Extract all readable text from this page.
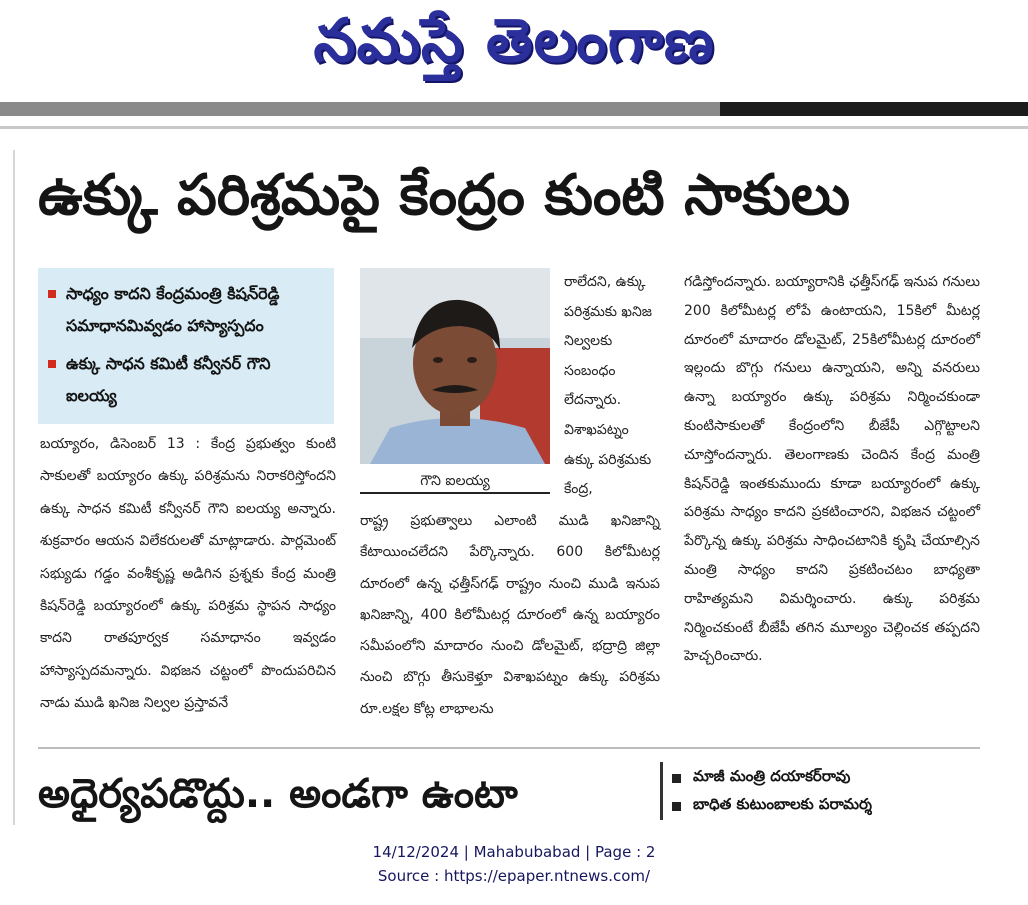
నమస్తే తెలంగాణ
ఉక్కు పరిశ్రమపై కేంద్రం కుంటి సాకులు
సాధ్యం కాదని కేంద్రమంత్రి కిషన్‌రెడ్డి సమాధానమివ్వడం హాస్యాస్పదం
ఉక్కు సాధన కమిటీ కన్వీనర్ గౌని ఐలయ్య
బయ్యారం, డిసెంబర్ 13 : కేంద్ర ప్రభుత్వం కుంటి సాకులతో బయ్యారం ఉక్కు పరిశ్రమను నిరాకరిస్తోందని ఉక్కు సాధన కమిటీ కన్వీనర్ గౌని ఐలయ్య అన్నారు. శుక్రవారం ఆయన విలేకరులతో మాట్లాడారు. పార్లమెంట్ సభ్యుడు గడ్డం వంశీకృష్ణ అడిగిన ప్రశ్నకు కేంద్ర మంత్రి కిషన్‌రెడ్డి బయ్యారంలో ఉక్కు పరిశ్రమ స్థాపన సాధ్యం కాదని రాతపూర్వక సమాధానం ఇవ్వడం హాస్యాస్పదమన్నారు. విభజన చట్టంలో పొందుపరిచిన నాడు ముడి ఖనిజ నిల్వల ప్రస్తావనే
గౌని ఐలయ్య
రాలేదని, ఉక్కు పరిశ్రమకు ఖనిజ నిల్వలకు సంబంధం లేదన్నారు. విశాఖపట్నం ఉక్కు పరిశ్రమకు కేంద్ర,
రాష్ట్ర ప్రభుత్వాలు ఎలాంటి ముడి ఖనిజాన్ని కేటాయించలేదని పేర్కొన్నారు. 600 కిలోమీటర్ల దూరంలో ఉన్న ఛత్తీస్‌గఢ్ రాష్ట్రం నుంచి ముడి ఇనుప ఖనిజాన్ని, 400 కిలోమీటర్ల దూరంలో ఉన్న బయ్యారం సమీపంలోని మాదారం నుంచి డోలమైట్, భద్రాద్రి జిల్లా నుంచి బొగ్గు తీసుకెళ్తూ విశాఖపట్నం ఉక్కు పరిశ్రమ రూ.లక్షల కోట్ల లాభాలను
గడిస్తోందన్నారు. బయ్యారానికి ఛత్తీస్‌గఢ్ ఇనుప గనులు 200 కిలోమీటర్ల లోపే ఉంటాయని, 15కిలో మీటర్ల దూరంలో మాదారం డోలమైట్, 25కిలోమీటర్ల దూరంలో ఇల్లందు బొగ్గు గనులు ఉన్నాయని, అన్ని వనరులు ఉన్నా బయ్యారం ఉక్కు పరిశ్రమ నిర్మించకుండా కుంటిసాకులతో కేంద్రంలోని బీజేపీ ఎగ్గొట్టాలని చూస్తోందన్నారు. తెలంగాణకు చెందిన కేంద్ర మంత్రి కిషన్‌రెడ్డి ఇంతకుముందు కూడా బయ్యారంలో ఉక్కు పరిశ్రమ సాధ్యం కాదని ప్రకటించారని, విభజన చట్టంలో పేర్కొన్న ఉక్కు పరిశ్రమ సాధించటానికి కృషి చేయాల్సిన మంత్రి సాధ్యం కాదని ప్రకటించటం బాధ్యతా రాహిత్యమని విమర్శించారు. ఉక్కు పరిశ్రమ నిర్మించకుంటే బీజేపీ తగిన మూల్యం చెల్లించక తప్పదని హెచ్చరించారు.
అధైర్యపడొద్దు.. అండగా ఉంటా	మాజీ మంత్రి దయాకర్‌రావు
బాధిత కుటుంబాలకు పరామర్శ
14/12/2024 | Mahabubabad | Page : 2
Source : https://epaper.ntnews.com/
